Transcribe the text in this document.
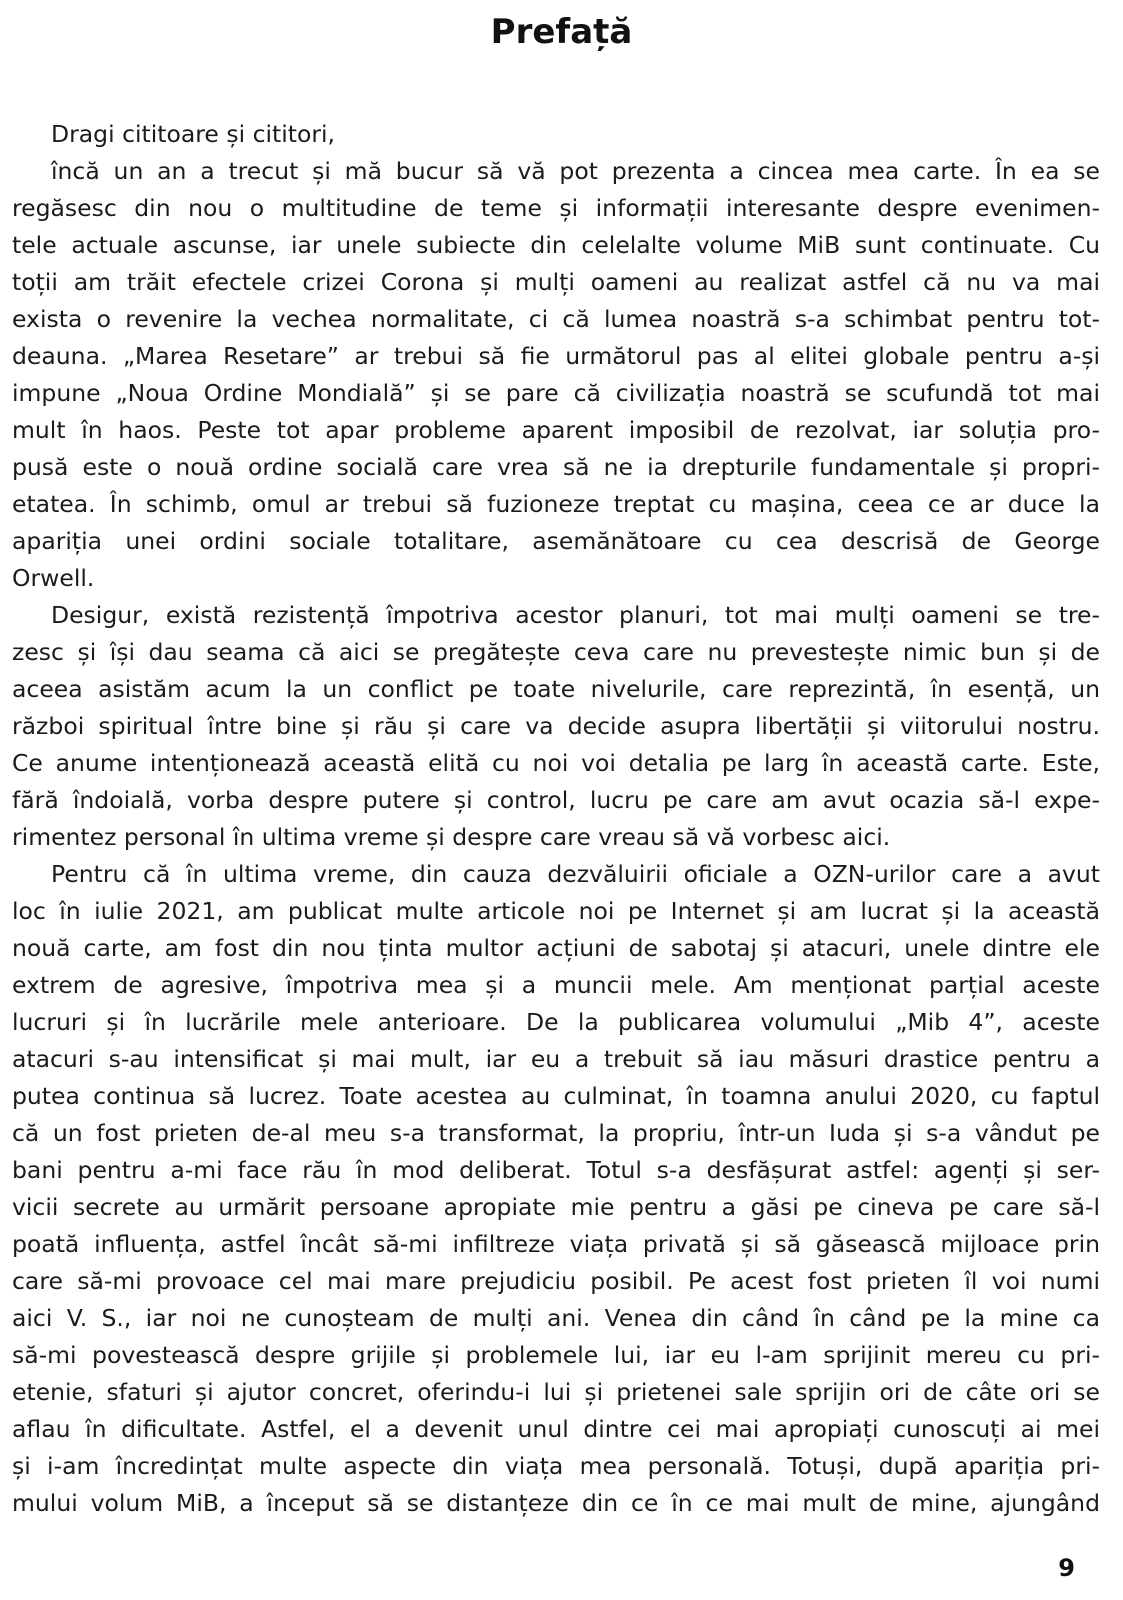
Prefață
Dragi cititoare și cititori,
încă un an a trecut și mă bucur să vă pot prezenta a cincea mea carte. În ea se
regăsesc din nou o multitudine de teme și informații interesante despre evenimen-
tele actuale ascunse, iar unele subiecte din celelalte volume MiB sunt continuate. Cu
toții am trăit efectele crizei Corona și mulți oameni au realizat astfel că nu va mai
exista o revenire la vechea normalitate, ci că lumea noastră s-a schimbat pentru tot-
deauna. „Marea Resetare” ar trebui să fie următorul pas al elitei globale pentru a-și
impune „Noua Ordine Mondială” și se pare că civilizația noastră se scufundă tot mai
mult în haos. Peste tot apar probleme aparent imposibil de rezolvat, iar soluția pro-
pusă este o nouă ordine socială care vrea să ne ia drepturile fundamentale și propri-
etatea. În schimb, omul ar trebui să fuzioneze treptat cu mașina, ceea ce ar duce la
apariția unei ordini sociale totalitare, asemănătoare cu cea descrisă de George
Orwell.
Desigur, există rezistență împotriva acestor planuri, tot mai mulți oameni se tre-
zesc și își dau seama că aici se pregătește ceva care nu prevestește nimic bun și de
aceea asistăm acum la un conflict pe toate nivelurile, care reprezintă, în esență, un
război spiritual între bine și rău și care va decide asupra libertății și viitorului nostru.
Ce anume intenționează această elită cu noi voi detalia pe larg în această carte. Este,
fără îndoială, vorba despre putere și control, lucru pe care am avut ocazia să-l expe-
rimentez personal în ultima vreme și despre care vreau să vă vorbesc aici.
Pentru că în ultima vreme, din cauza dezvăluirii oficiale a OZN-urilor care a avut
loc în iulie 2021, am publicat multe articole noi pe Internet și am lucrat și la această
nouă carte, am fost din nou ținta multor acțiuni de sabotaj și atacuri, unele dintre ele
extrem de agresive, împotriva mea și a muncii mele. Am menționat parțial aceste
lucruri și în lucrările mele anterioare. De la publicarea volumului „Mib 4”, aceste
atacuri s-au intensificat și mai mult, iar eu a trebuit să iau măsuri drastice pentru a
putea continua să lucrez. Toate acestea au culminat, în toamna anului 2020, cu faptul
că un fost prieten de-al meu s-a transformat, la propriu, într-un Iuda și s-a vândut pe
bani pentru a-mi face rău în mod deliberat. Totul s-a desfășurat astfel: agenți și ser-
vicii secrete au urmărit persoane apropiate mie pentru a găsi pe cineva pe care să-l
poată influența, astfel încât să-mi infiltreze viața privată și să găsească mijloace prin
care să-mi provoace cel mai mare prejudiciu posibil. Pe acest fost prieten îl voi numi
aici V. S., iar noi ne cunoșteam de mulți ani. Venea din când în când pe la mine ca
să-mi povestească despre grijile și problemele lui, iar eu l-am sprijinit mereu cu pri-
etenie, sfaturi și ajutor concret, oferindu-i lui și prietenei sale sprijin ori de câte ori se
aflau în dificultate. Astfel, el a devenit unul dintre cei mai apropiați cunoscuți ai mei
și i-am încredințat multe aspecte din viața mea personală. Totuși, după apariția pri-
mului volum MiB, a început să se distanțeze din ce în ce mai mult de mine, ajungând
9
